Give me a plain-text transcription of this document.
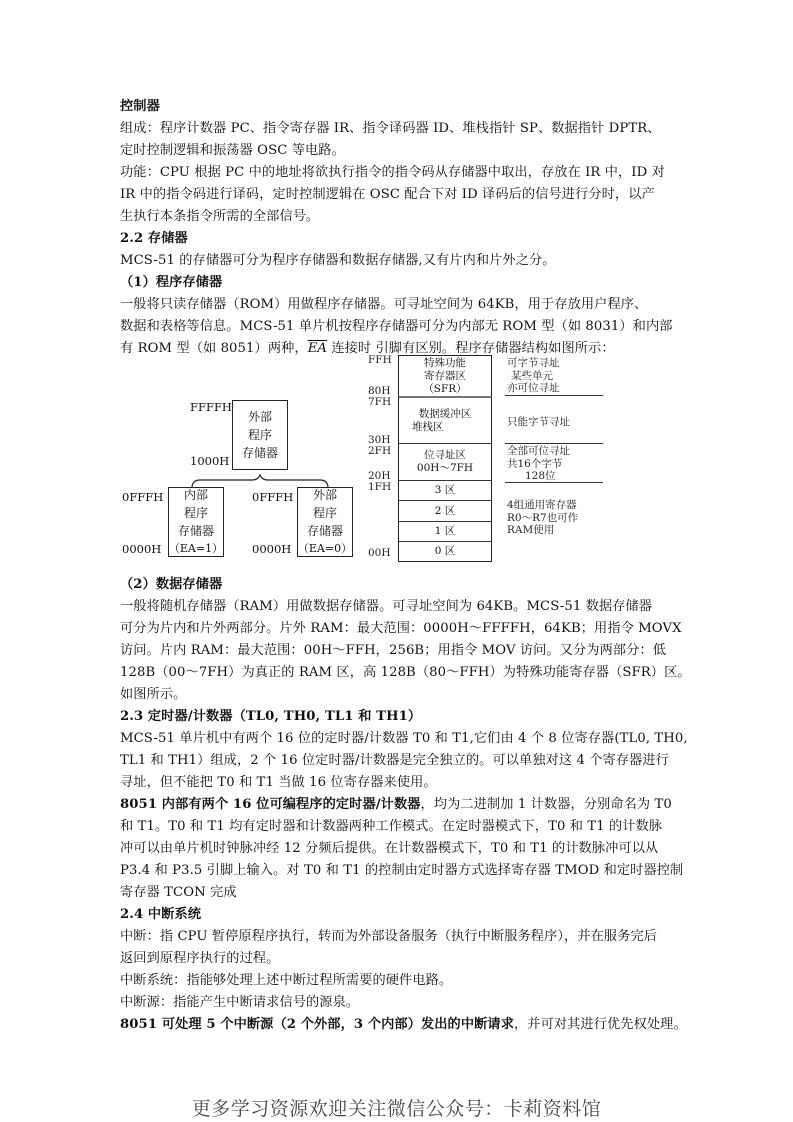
控制器
组成：程序计数器 PC、指令寄存器 IR、指令译码器 ID、堆栈指针 SP、数据指针 DPTR、
定时控制逻辑和振荡器 OSC 等电路。
功能：CPU 根据 PC 中的地址将欲执行指令的指令码从存储器中取出，存放在 IR 中，ID 对
IR 中的指令码进行译码，定时控制逻辑在 OSC 配合下对 ID 译码后的信号进行分时，以产
生执行本条指令所需的全部信号。
2.2 存储器
MCS-51 的存储器可分为程序存储器和数据存储器,又有片内和片外之分。
（1）程序存储器
一般将只读存储器（ROM）用做程序存储器。可寻址空间为 64KB，用于存放用户程序、
数据和表格等信息。MCS-51 单片机按程序存储器可分为内部无 ROM 型（如 8031）和内部
有 ROM 型（如 8051）两种，$\overline{EA}$ 连接时 引脚有区别。程序存储器结构如图所示：
FFFFH
1000H
外部
程序
存储器
0FFFH
0000H
内部
程序
存储器
（EA=1）
0FFFH
0000H
外部
程序
存储器
（EA=0）
FFH
80H
7FH
30H
2FH
20H
1FH
00H
特殊功能
寄存器区
（SFR）
数据缓冲区
堆栈区
位寻址区
00H～7FH
3 区
2 区
1 区
0 区
可字节寻址
某些单元
亦可位寻址
只能字节寻址
全部可位寻址
共16个字节
128位
4组通用寄存器
R0～R7也可作
RAM使用
（2）数据存储器
一般将随机存储器（RAM）用做数据存储器。可寻址空间为 64KB。MCS-51 数据存储器
可分为片内和片外两部分。片外 RAM：最大范围：0000H～FFFFH，64KB；用指令 MOVX
访问。片内 RAM：最大范围：00H～FFH，256B；用指令 MOV 访问。又分为两部分：低
128B（00～7FH）为真正的 RAM 区，高 128B（80～FFH）为特殊功能寄存器（SFR）区。
如图所示。
2.3 定时器/计数器（TL0, TH0, TL1 和 TH1）
MCS-51 单片机中有两个 16 位的定时器/计数器 T0 和 T1,它们由 4 个 8 位寄存器(TL0, TH0,
TL1 和 TH1）组成，2 个 16 位定时器/计数器是完全独立的。可以单独对这 4 个寄存器进行
寻址，但不能把 T0 和 T1 当做 16 位寄存器来使用。
8051 内部有两个 16 位可编程序的定时器/计数器，均为二进制加 1 计数器，分别命名为 T0
和 T1。T0 和 T1 均有定时器和计数器两种工作模式。在定时器模式下，T0 和 T1 的计数脉
冲可以由单片机时钟脉冲经 12 分频后提供。在计数器模式下，T0 和 T1 的计数脉冲可以从
P3.4 和 P3.5 引脚上输入。对 T0 和 T1 的控制由定时器方式选择寄存器 TMOD 和定时器控制
寄存器 TCON 完成
2.4 中断系统
中断：指 CPU 暂停原程序执行，转而为外部设备服务（执行中断服务程序），并在服务完后
返回到原程序执行的过程。
中断系统：指能够处理上述中断过程所需要的硬件电路。
中断源：指能产生中断请求信号的源泉。
8051 可处理 5 个中断源（2 个外部，3 个内部）发出的中断请求，并可对其进行优先权处理。
更多学习资源欢迎关注微信公众号：卡莉资料馆
